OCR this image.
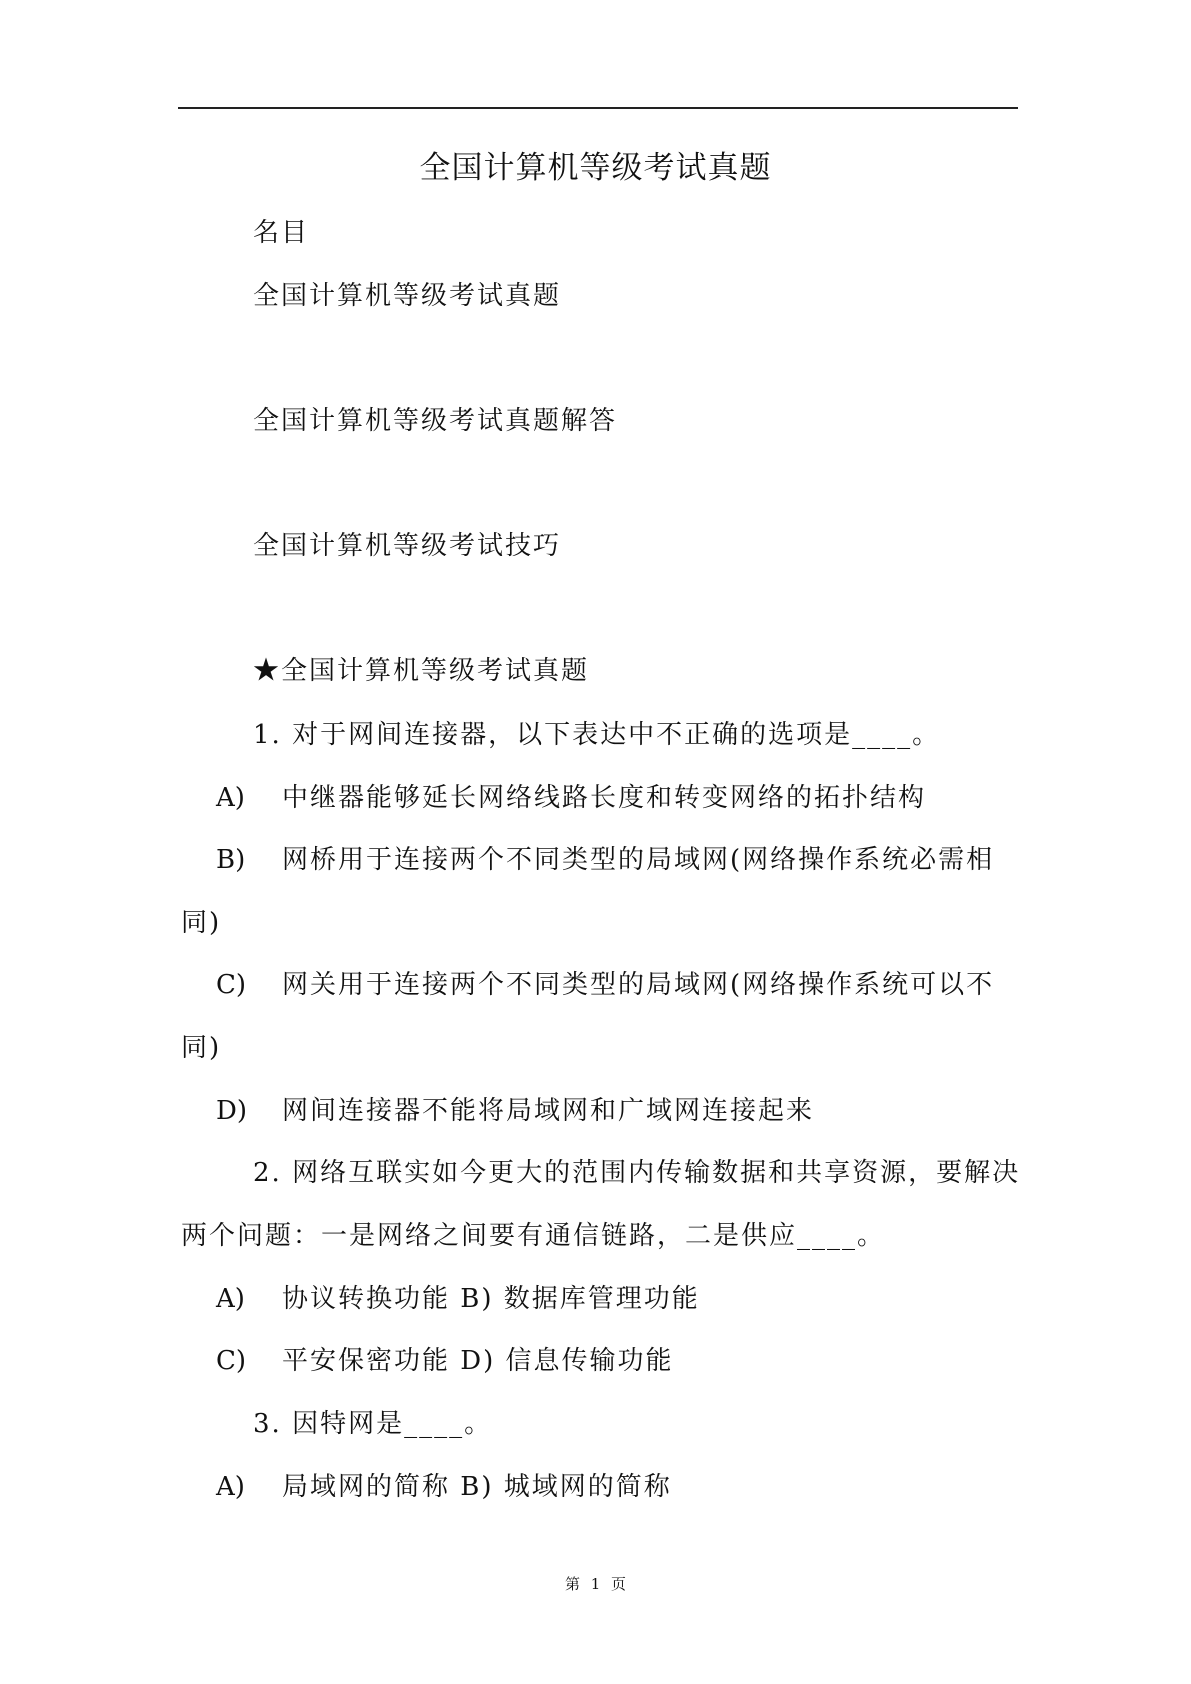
全国计算机等级考试真题
名目
全国计算机等级考试真题
全国计算机等级考试真题解答
全国计算机等级考试技巧
★全国计算机等级考试真题
1. 对于网间连接器，以下表达中不正确的选项是____。
A) 中继器能够延长网络线路长度和转变网络的拓扑结构
B) 网桥用于连接两个不同类型的局域网(网络操作系统必需相
同)
C) 网关用于连接两个不同类型的局域网(网络操作系统可以不
同)
D) 网间连接器不能将局域网和广域网连接起来
2. 网络互联实如今更大的范围内传输数据和共享资源，要解决
两个问题：一是网络之间要有通信链路，二是供应____。
A) 协议转换功能 B) 数据库管理功能
C) 平安保密功能 D) 信息传输功能
3. 因特网是____。
A) 局域网的简称 B) 城域网的简称
第 1 页
